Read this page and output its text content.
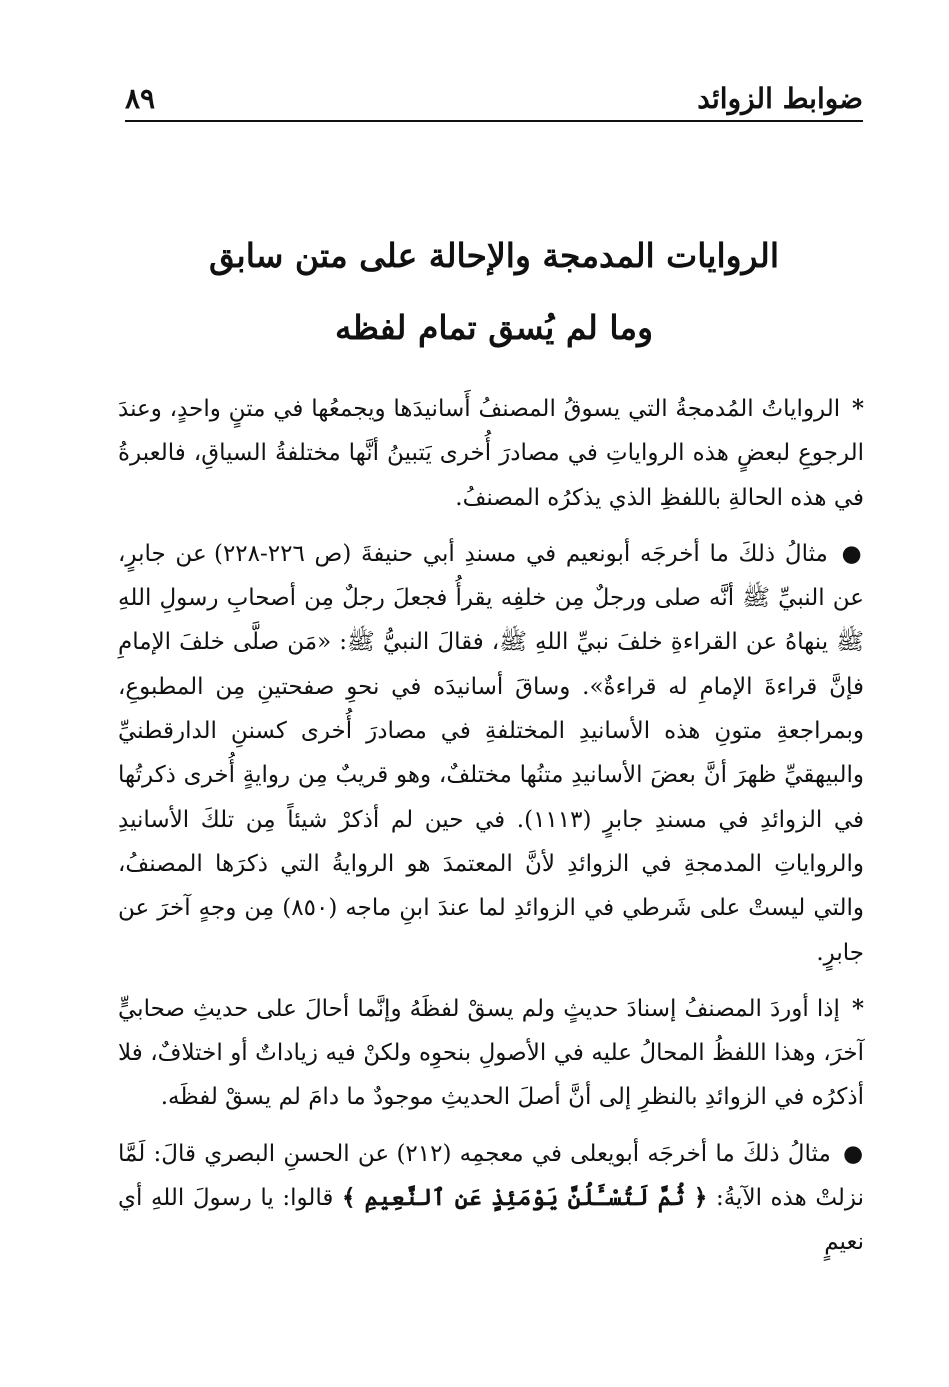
ضوابط الزوائد
٨٩
الروايات المدمجة والإحالة على متن سابق
وما لم يُسق تمام لفظه

* الرواياتُ المُدمجةُ التي يسوقُ المصنفُ أَسانيدَها ويجمعُها في متنٍ واحدٍ، وعندَ الرجوعِ لبعضٍ هذه الرواياتِ في مصادرَ أُخرى يَتبينُ أنَّها مختلفةُ السياقِ، فالعبرةُ في هذه الحالةِ باللفظِ الذي يذكرُه المصنفُ.

● مثالُ ذلكَ ما أخرجَه أبونعيم في مسندِ أبي حنيفةَ (ص ٢٢٦-٢٢٨) عن جابرٍ، عن النبيِّ ﷺ أنَّه صلى ورجلٌ مِن خلفِه يقرأُ فجعلَ رجلٌ مِن أصحابِ رسولِ اللهِ ﷺ ينهاهُ عن القراءةِ خلفَ نبيِّ اللهِ ﷺ، فقالَ النبيُّ ﷺ: «مَن صلَّى خلفَ الإمامِ فإنَّ قراءةَ الإمامِ له قراءةٌ». وساقَ أسانيدَه في نحوِ صفحتينِ مِن المطبوعِ، وبمراجعةِ متونِ هذه الأسانيدِ المختلفةِ في مصادرَ أُخرى كسننِ الدارقطنيِّ والبيهقيِّ ظهرَ أنَّ بعضَ الأسانيدِ متنُها مختلفٌ، وهو قريبٌ مِن روايةٍ أُخرى ذكرتُها في الزوائدِ في مسندِ جابرٍ (١١١٣). في حين لم أذكرْ شيئاً مِن تلكَ الأسانيدِ والرواياتِ المدمجةِ في الزوائدِ لأنَّ المعتمدَ هو الروايةُ التي ذكرَها المصنفُ، والتي ليستْ على شَرطي في الزوائدِ لما عندَ ابنِ ماجه (٨٥٠) مِن وجهٍ آخرَ عن جابرٍ.

* إذا أوردَ المصنفُ إسنادَ حديثٍ ولم يسقْ لفظَهُ وإنَّما أحالَ على حديثِ صحابيٍّ آخرَ، وهذا اللفظُ المحالُ عليه في الأصولِ بنحوِه ولكنْ فيه زياداتٌ أو اختلافٌ، فلا أذكرُه في الزوائدِ بالنظرِ إلى أنَّ أصلَ الحديثِ موجودٌ ما دامَ لم يسقْ لفظَه.

● مثالُ ذلكَ ما أخرجَه أبويعلى في معجمِه (٢١٢) عن الحسنِ البصري قالَ: لَمَّا نزلتْ هذه الآيةُ: ﴿ ثُمَّ لَتُسْـَٔلُنَّ يَوْمَئِذٍ عَنِ ٱلنَّعِيمِ ﴾ قالوا: يا رسولَ اللهِ أي نعيمٍ
